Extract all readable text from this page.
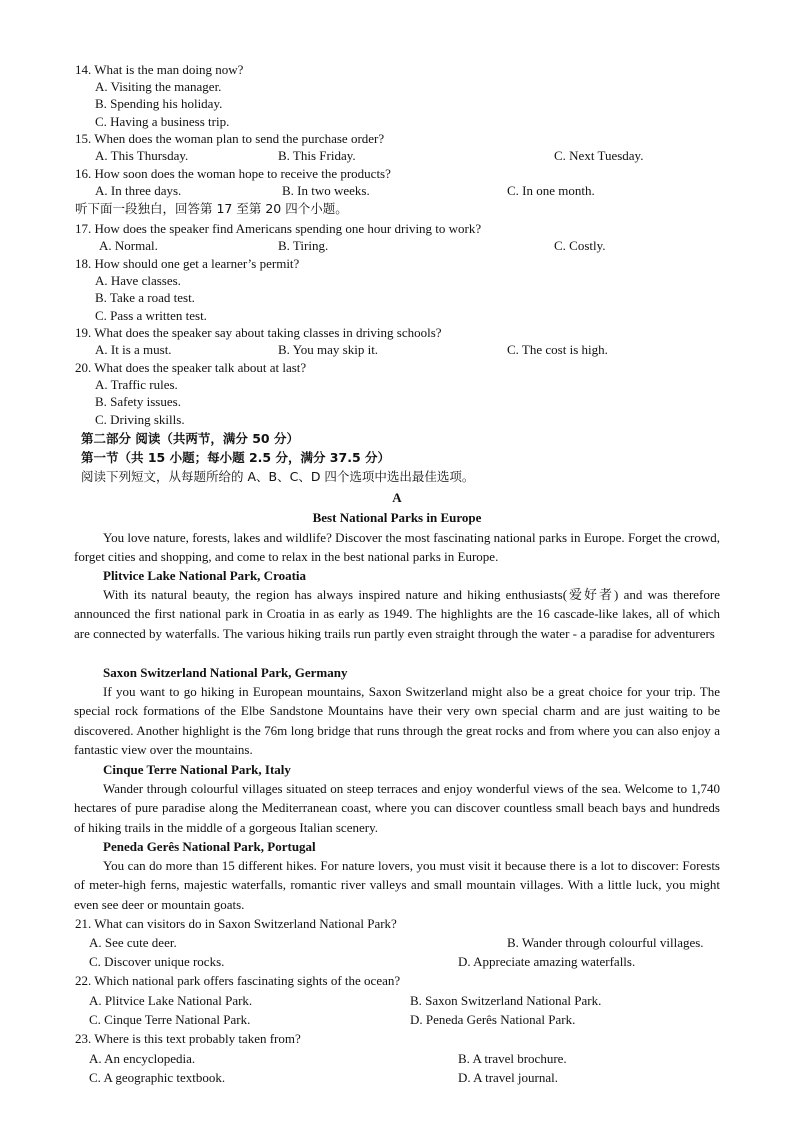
14. What is the man doing now?
A. Visiting the manager.
B. Spending his holiday.
C. Having a business trip.
15. When does the woman plan to send the purchase order?
A. This Thursday.	B. This Friday.	C. Next Tuesday.
16. How soon does the woman hope to receive the products?
A. In three days.	B. In two weeks.	C. In one month.
听下面一段独白，回答第 17 至第 20 四个小题。
17. How does the speaker find Americans spending one hour driving to work?
A. Normal.	B. Tiring.	C. Costly.
18. How should one get a learner’s permit?
A. Have classes.
B. Take a road test.
C. Pass a written test.
19. What does the speaker say about taking classes in driving schools?
A. It is a must.	B. You may skip it.	C. The cost is high.
20. What does the speaker talk about at last?
A. Traffic rules.
B. Safety issues.
C. Driving skills.
第二部分 阅读（共两节，满分 50 分）
第一节（共 15 小题；每小题 2.5 分，满分 37.5 分）
阅读下列短文，从每题所给的 A、B、C、D 四个选项中选出最佳选项。
A
Best National Parks in Europe
You love nature, forests, lakes and wildlife? Discover the most fascinating national parks in Europe. Forget the crowd, forget cities and shopping, and come to relax in the best national parks in Europe.
Plitvice Lake National Park, Croatia
With its natural beauty, the region has always inspired nature and hiking enthusiasts(爱好者) and was therefore announced the first national park in Croatia in as early as 1949. The highlights are the 16 cascade-like lakes, all of which are connected by waterfalls. The various hiking trails run partly even straight through the water - a paradise for adventurers
Saxon Switzerland National Park, Germany
If you want to go hiking in European mountains, Saxon Switzerland might also be a great choice for your trip. The special rock formations of the Elbe Sandstone Mountains have their very own special charm and are just waiting to be discovered. Another highlight is the 76m long bridge that runs through the great rocks and from where you can also enjoy a fantastic view over the mountains.
Cinque Terre National Park, Italy
Wander through colourful villages situated on steep terraces and enjoy wonderful views of the sea. Welcome to 1,740 hectares of pure paradise along the Mediterranean coast, where you can discover countless small beach bays and hundreds of hiking trails in the middle of a gorgeous Italian scenery.
Peneda Gerês National Park, Portugal
You can do more than 15 different hikes. For nature lovers, you must visit it because there is a lot to discover: Forests of meter-high ferns, majestic waterfalls, romantic river valleys and small mountain villages. With a little luck, you might even see deer or mountain goats.
21. What can visitors do in Saxon Switzerland National Park?
A. See cute deer.	B. Wander through colourful villages.
C. Discover unique rocks.	D. Appreciate amazing waterfalls.
22. Which national park offers fascinating sights of the ocean?
A. Plitvice Lake National Park.	B. Saxon Switzerland National Park.
C. Cinque Terre National Park.	D. Peneda Gerês National Park.
23. Where is this text probably taken from?
A. An encyclopedia.	B. A travel brochure.
C. A geographic textbook.	D. A travel journal.
